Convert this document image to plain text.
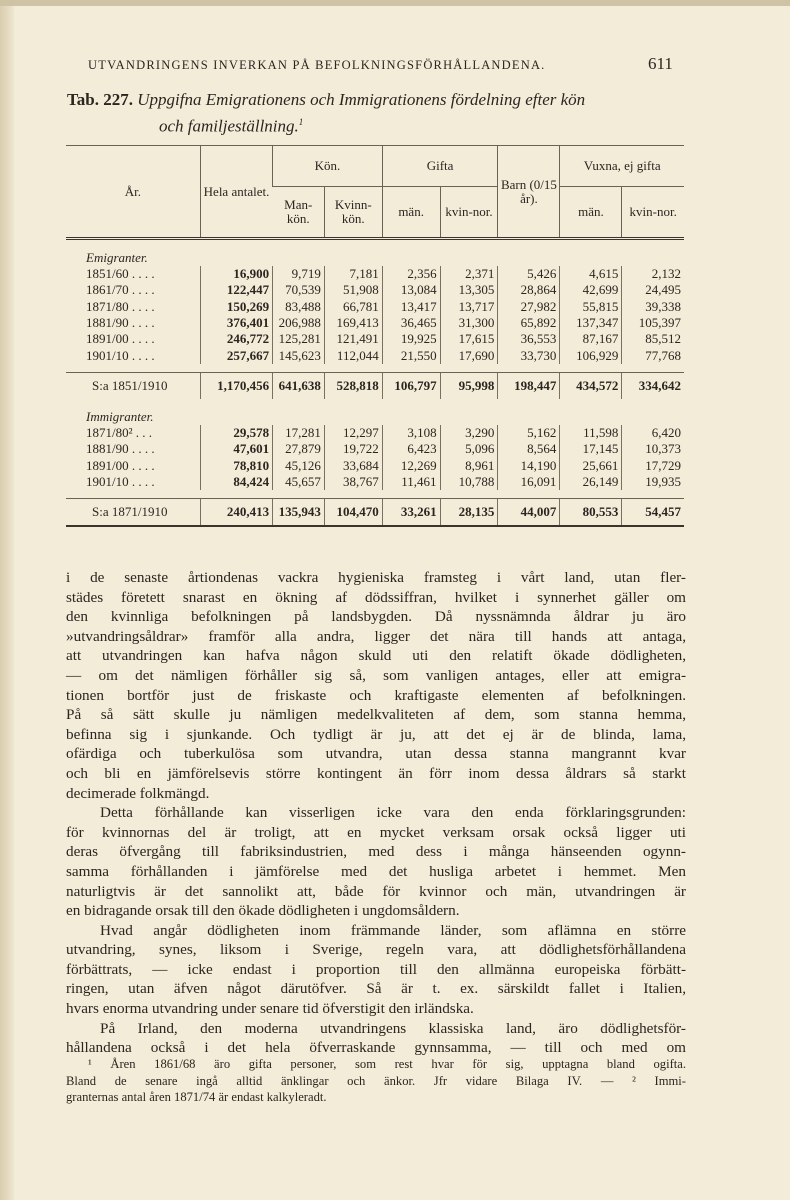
UTVANDRINGENS INVERKAN PÅ BEFOLKNINGSFÖRHÅLLANDENA.	611
Tab. 227. Uppgifna Emigrationens och Immigrationens fördelning efter kön
och familjeställning.$^1$
År.	Hela antalet.	Kön.		Gifta		Barn (0/15 år).	Vuxna, ej gifta	
		Man-kön.	Kvinn-kön.	män.	kvin-nor.		män.	kvin-nor.
Emigranter.								
1851/60 . . . .	16,900	9,719	7,181	2,356	2,371	5,426	4,615	2,132
1861/70 . . . .	122,447	70,539	51,908	13,084	13,305	28,864	42,699	24,495
1871/80 . . . .	150,269	83,488	66,781	13,417	13,717	27,982	55,815	39,338
1881/90 . . . .	376,401	206,988	169,413	36,465	31,300	65,892	137,347	105,397
1891/00 . . . .	246,772	125,281	121,491	19,925	17,615	36,553	87,167	85,512
1901/10 . . . .	257,667	145,623	112,044	21,550	17,690	33,730	106,929	77,768

S:a 1851/1910	1,170,456	641,638	528,818	106,797	95,998	198,447	434,572	334,642
Immigranter.								
1871/80² . . .	29,578	17,281	12,297	3,108	3,290	5,162	11,598	6,420
1881/90 . . . .	47,601	27,879	19,722	6,423	5,096	8,564	17,145	10,373
1891/00 . . . .	78,810	45,126	33,684	12,269	8,961	14,190	25,661	17,729
1901/10 . . . .	84,424	45,657	38,767	11,461	10,788	16,091	26,149	19,935

S:a 1871/1910	240,413	135,943	104,470	33,261	28,135	44,007	80,553	54,457

i de senaste årtiondenas vackra hygieniska framsteg i vårt land, utan fler-
städes företett snarast en ökning af dödssiffran, hvilket i synnerhet gäller om
den kvinnliga befolkningen på landsbygden. Då nyssnämnda åldrar ju äro
»utvandringsåldrar» framför alla andra, ligger det nära till hands att antaga,
att utvandringen kan hafva någon skuld uti den relatift ökade dödligheten,
— om det nämligen förhåller sig så, som vanligen antages, eller att emigra-
tionen bortför just de friskaste och kraftigaste elementen af befolkningen.
På så sätt skulle ju nämligen medelkvaliteten af dem, som stanna hemma,
befinna sig i sjunkande. Och tydligt är ju, att det ej är de blinda, lama,
ofärdiga och tuberkulösa som utvandra, utan dessa stanna mangrannt kvar
och bli en jämförelsevis större kontingent än förr inom dessa åldrars så starkt
decimerade folkmängd.

Detta förhållande kan visserligen icke vara den enda förklaringsgrunden:
för kvinnornas del är troligt, att en mycket verksam orsak också ligger uti
deras öfvergång till fabriksindustrien, med dess i många hänseenden ogynn-
samma förhållanden i jämförelse med det husliga arbetet i hemmet. Men
naturligtvis är det sannolikt att, både för kvinnor och män, utvandringen är
en bidragande orsak till den ökade dödligheten i ungdomsåldern.

Hvad angår dödligheten inom främmande länder, som aflämna en större
utvandring, synes, liksom i Sverige, regeln vara, att dödlighetsförhållandena
förbättrats, — icke endast i proportion till den allmänna europeiska förbätt-
ringen, utan äfven något därutöfver. Så är t. ex. särskildt fallet i Italien,
hvars enorma utvandring under senare tid öfverstigit den irländska.

På Irland, den moderna utvandringens klassiska land, äro dödlighetsför-
hållandena också i det hela öfverraskande gynnsamma, — till och med om

¹ Åren 1861/68 äro gifta personer, som rest hvar för sig, upptagna bland ogifta.
Bland de senare ingå alltid änklingar och änkor. Jfr vidare Bilaga IV. — ² Immi-
granternas antal åren 1871/74 är endast kalkyleradt.
